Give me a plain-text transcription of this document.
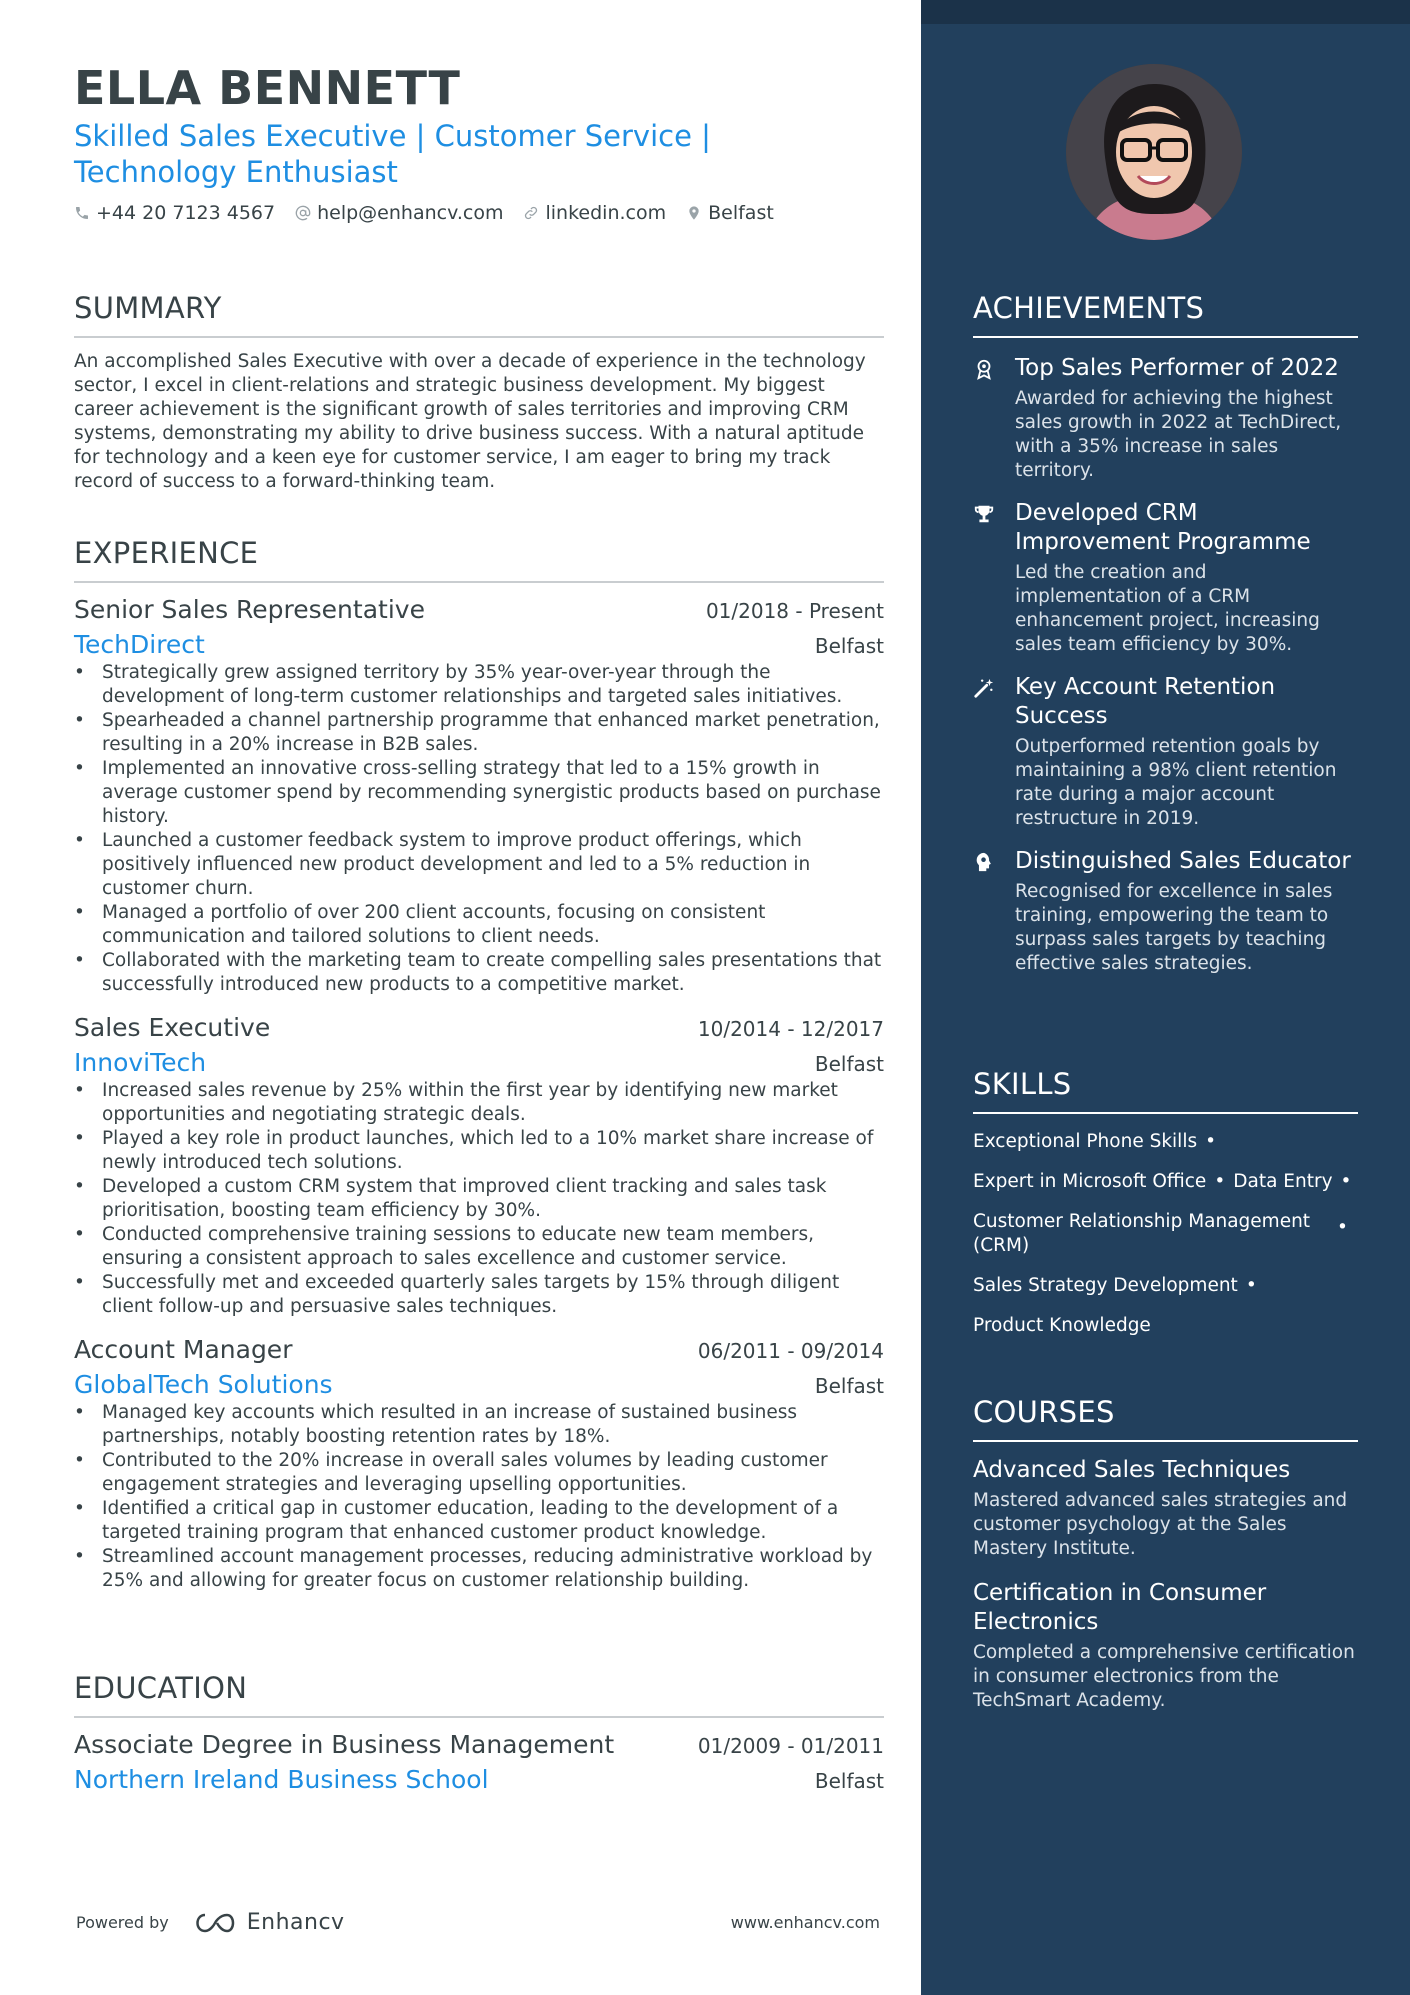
ELLA BENNETT
Skilled Sales Executive | Customer Service | Technology Enthusiast
+44 20 7123 4567 help@enhancv.com linkedin.com Belfast
SUMMARY
An accomplished Sales Executive with over a decade of experience in the technology sector, I excel in client-relations and strategic business development. My biggest career achievement is the significant growth of sales territories and improving CRM systems, demonstrating my ability to drive business success. With a natural aptitude for technology and a keen eye for customer service, I am eager to bring my track record of success to a forward-thinking team.
EXPERIENCE
Senior Sales Representative	01/2018 - Present
TechDirect	Belfast
• Strategically grew assigned territory by 35% year-over-year through the development of long-term customer relationships and targeted sales initiatives.
• Spearheaded a channel partnership programme that enhanced market penetration, resulting in a 20% increase in B2B sales.
• Implemented an innovative cross-selling strategy that led to a 15% growth in average customer spend by recommending synergistic products based on purchase history.
• Launched a customer feedback system to improve product offerings, which positively influenced new product development and led to a 5% reduction in customer churn.
• Managed a portfolio of over 200 client accounts, focusing on consistent communication and tailored solutions to client needs.
• Collaborated with the marketing team to create compelling sales presentations that successfully introduced new products to a competitive market.
Sales Executive	10/2014 - 12/2017
InnoviTech	Belfast
• Increased sales revenue by 25% within the first year by identifying new market opportunities and negotiating strategic deals.
• Played a key role in product launches, which led to a 10% market share increase of newly introduced tech solutions.
• Developed a custom CRM system that improved client tracking and sales task prioritisation, boosting team efficiency by 30%.
• Conducted comprehensive training sessions to educate new team members, ensuring a consistent approach to sales excellence and customer service.
• Successfully met and exceeded quarterly sales targets by 15% through diligent client follow-up and persuasive sales techniques.
Account Manager	06/2011 - 09/2014
GlobalTech Solutions	Belfast
• Managed key accounts which resulted in an increase of sustained business partnerships, notably boosting retention rates by 18%.
• Contributed to the 20% increase in overall sales volumes by leading customer engagement strategies and leveraging upselling opportunities.
• Identified a critical gap in customer education, leading to the development of a targeted training program that enhanced customer product knowledge.
• Streamlined account management processes, reducing administrative workload by 25% and allowing for greater focus on customer relationship building.
EDUCATION
Associate Degree in Business Management	01/2009 - 01/2011
Northern Ireland Business School	Belfast
Powered by	Enhancv	www.enhancv.com
ACHIEVEMENTS
Top Sales Performer of 2022
Awarded for achieving the highest sales growth in 2022 at TechDirect, with a 35% increase in sales territory.
Developed CRM Improvement Programme
Led the creation and implementation of a CRM enhancement project, increasing sales team efficiency by 30%.
Key Account Retention Success
Outperformed retention goals by maintaining a 98% client retention rate during a major account restructure in 2019.
Distinguished Sales Educator
Recognised for excellence in sales training, empowering the team to surpass sales targets by teaching effective sales strategies.
SKILLS
Exceptional Phone Skills •
Expert in Microsoft Office • Data Entry •
Customer Relationship Management (CRM)
•
Sales Strategy Development •
Product Knowledge
COURSES
Advanced Sales Techniques
Mastered advanced sales strategies and customer psychology at the Sales Mastery Institute.
Certification in Consumer Electronics
Completed a comprehensive certification in consumer electronics from the TechSmart Academy.
